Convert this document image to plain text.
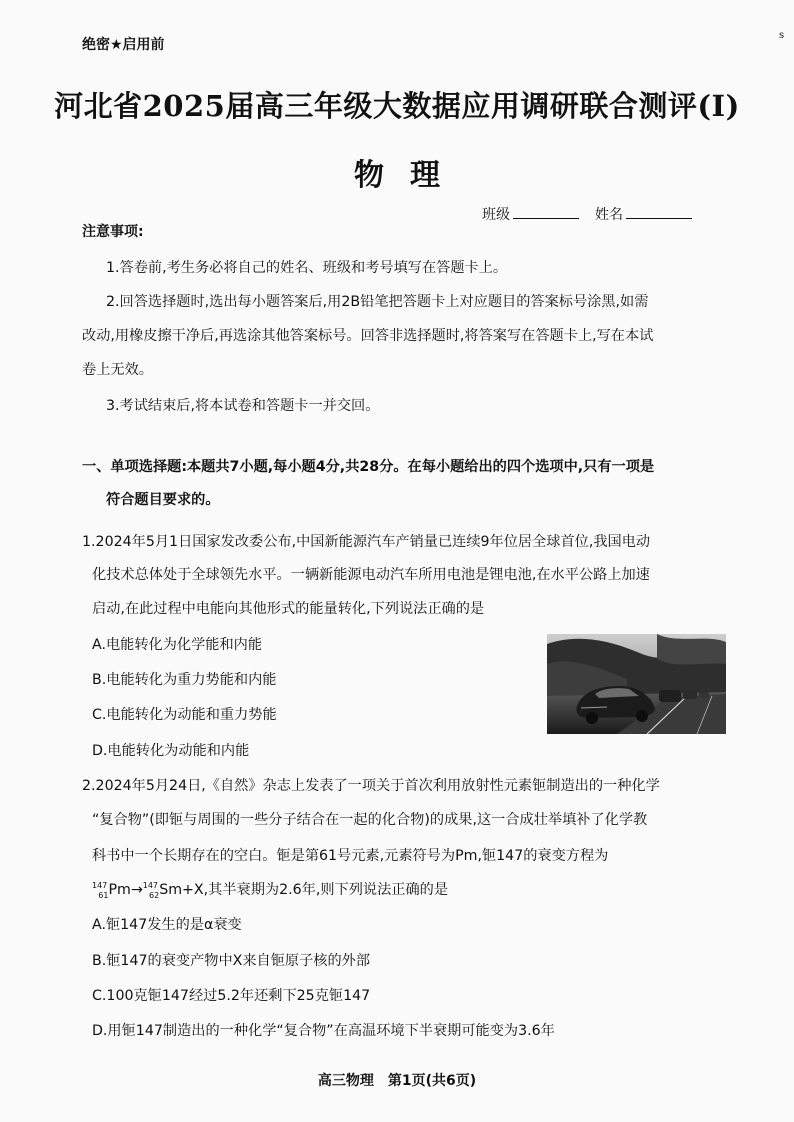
绝密★启用前
s
河北省2025届高三年级大数据应用调研联合测评(Ⅰ)
物理
班级	姓名
注意事项:
1.答卷前,考生务必将自己的姓名、班级和考号填写在答题卡上。
2.回答选择题时,选出每小题答案后,用2B铅笔把答题卡上对应题目的答案标号涂黑,如需
改动,用橡皮擦干净后,再选涂其他答案标号。回答非选择题时,将答案写在答题卡上,写在本试
卷上无效。
3.考试结束后,将本试卷和答题卡一并交回。
一、单项选择题:本题共7小题,每小题4分,共28分。在每小题给出的四个选项中,只有一项是
符合题目要求的。
1.2024年5月1日国家发改委公布,中国新能源汽车产销量已连续9年位居全球首位,我国电动
化技术总体处于全球领先水平。一辆新能源电动汽车所用电池是锂电池,在水平公路上加速
启动,在此过程中电能向其他形式的能量转化,下列说法正确的是
A.电能转化为化学能和内能
B.电能转化为重力势能和内能
C.电能转化为动能和重力势能
D.电能转化为动能和内能
2.2024年5月24日,《自然》杂志上发表了一项关于首次利用放射性元素钷制造出的一种化学
“复合物”(即钷与周围的一些分子结合在一起的化合物)的成果,这一合成壮举填补了化学教
科书中一个长期存在的空白。钷是第61号元素,元素符号为Pm,钷147的衰变方程为
$^{147}_{61}$Pm→$^{147}_{62}$Sm+X,其半衰期为2.6年,则下列说法正确的是
A.钷147发生的是α衰变
B.钷147的衰变产物中X来自钷原子核的外部
C.100克钷147经过5.2年还剩下25克钷147
D.用钷147制造出的一种化学“复合物”在高温环境下半衰期可能变为3.6年
高三物理　第1页(共6页)
